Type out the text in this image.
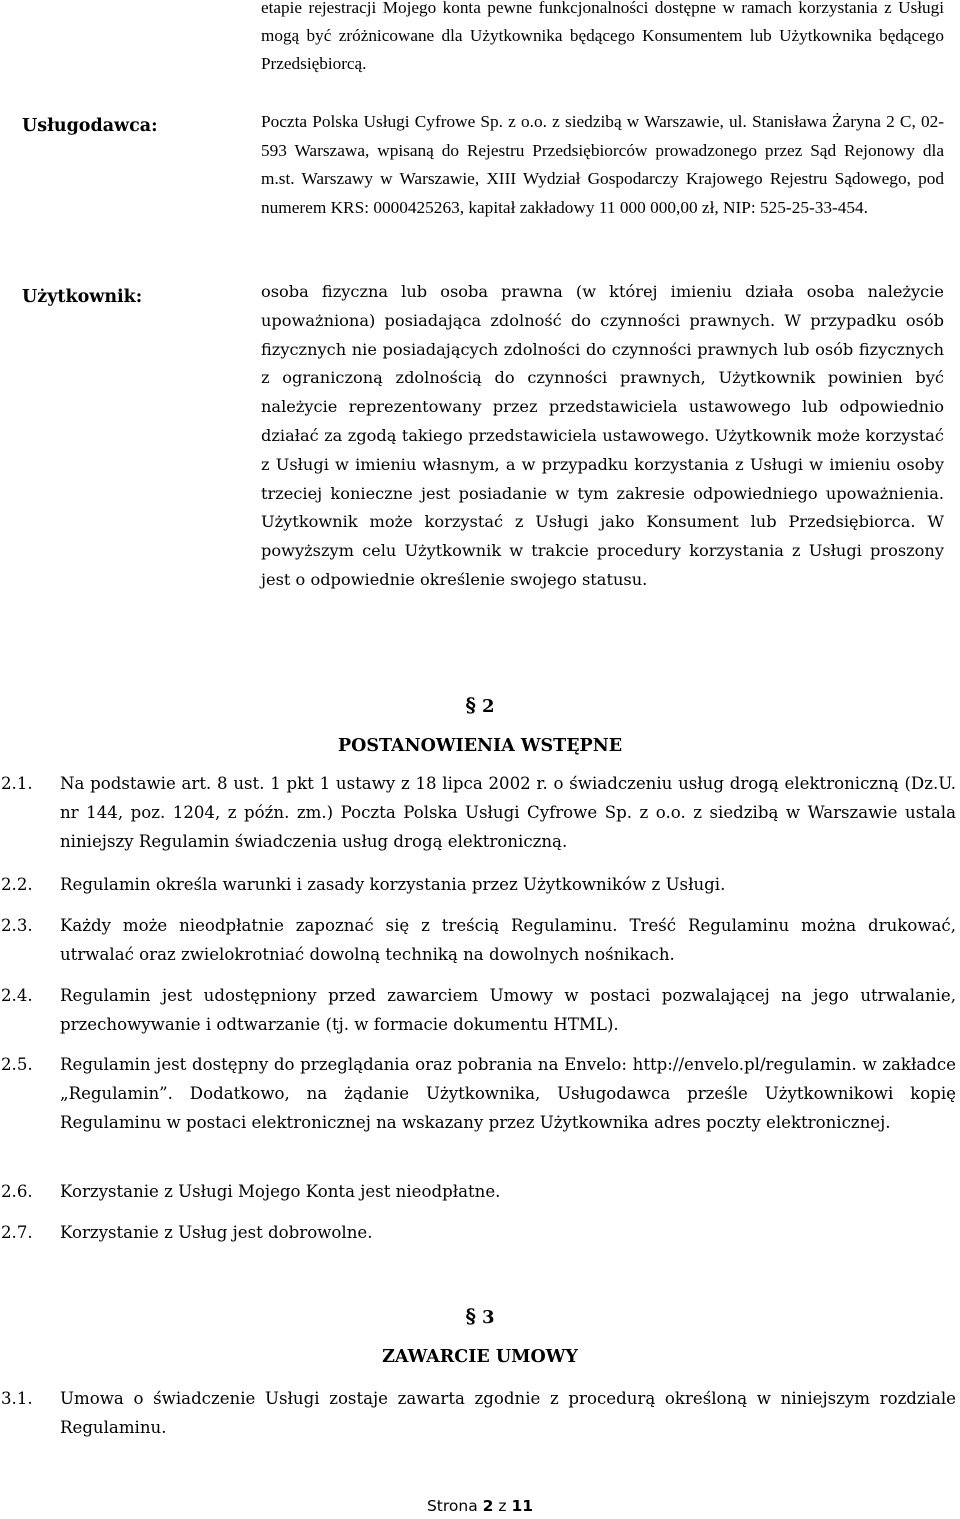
etapie rejestracji Mojego konta pewne funkcjonalności dostępne w ramach korzystania z Usługi mogą być zróżnicowane dla Użytkownika będącego Konsumentem lub Użytkownika będącego Przedsiębiorcą.
Usługodawca:	Poczta Polska Usługi Cyfrowe Sp. z o.o. z siedzibą w Warszawie, ul. Stanisława Żaryna 2 C, 02-593 Warszawa, wpisaną do Rejestru Przedsiębiorców prowadzonego przez Sąd Rejonowy dla m.st. Warszawy w Warszawie, XIII Wydział Gospodarczy Krajowego Rejestru Sądowego, pod numerem KRS: 0000425263, kapitał zakładowy 11 000 000,00 zł, NIP: 525-25-33-454.
Użytkownik:	osoba fizyczna lub osoba prawna (w której imieniu działa osoba należycie upoważniona) posiadająca zdolność do czynności prawnych. W przypadku osób fizycznych nie posiadających zdolności do czynności prawnych lub osób fizycznych z ograniczoną zdolnością do czynności prawnych, Użytkownik powinien być należycie reprezentowany przez przedstawiciela ustawowego lub odpowiednio działać za zgodą takiego przedstawiciela ustawowego. Użytkownik może korzystać z Usługi w imieniu własnym, a w przypadku korzystania z Usługi w imieniu osoby trzeciej konieczne jest posiadanie w tym zakresie odpowiedniego upoważnienia. Użytkownik może korzystać z Usługi jako Konsument lub Przedsiębiorca. W powyższym celu Użytkownik w trakcie procedury korzystania z Usługi proszony jest o odpowiednie określenie swojego statusu.
§ 2
POSTANOWIENIA WSTĘPNE
2.1. Na podstawie art. 8 ust. 1 pkt 1 ustawy z 18 lipca 2002 r. o świadczeniu usług drogą elektroniczną (Dz.U. nr 144, poz. 1204, z późn. zm.) Poczta Polska Usługi Cyfrowe Sp. z o.o. z siedzibą w Warszawie ustala niniejszy Regulamin świadczenia usług drogą elektroniczną.
2.2. Regulamin określa warunki i zasady korzystania przez Użytkowników z Usługi.
2.3. Każdy może nieodpłatnie zapoznać się z treścią Regulaminu. Treść Regulaminu można drukować, utrwalać oraz zwielokrotniać dowolną techniką na dowolnych nośnikach.
2.4. Regulamin jest udostępniony przed zawarciem Umowy w postaci pozwalającej na jego utrwalanie, przechowywanie i odtwarzanie (tj. w formacie dokumentu HTML).
2.5. Regulamin jest dostępny do przeglądania oraz pobrania na Envelo: http://envelo.pl/regulamin. w zakładce „Regulamin”. Dodatkowo, na żądanie Użytkownika, Usługodawca prześle Użytkownikowi kopię Regulaminu w postaci elektronicznej na wskazany przez Użytkownika adres poczty elektronicznej.
2.6. Korzystanie z Usługi Mojego Konta jest nieodpłatne.
2.7. Korzystanie z Usług jest dobrowolne.
§ 3
ZAWARCIE UMOWY
3.1. Umowa o świadczenie Usługi zostaje zawarta zgodnie z procedurą określoną w niniejszym rozdziale Regulaminu.
Strona 2 z 11
